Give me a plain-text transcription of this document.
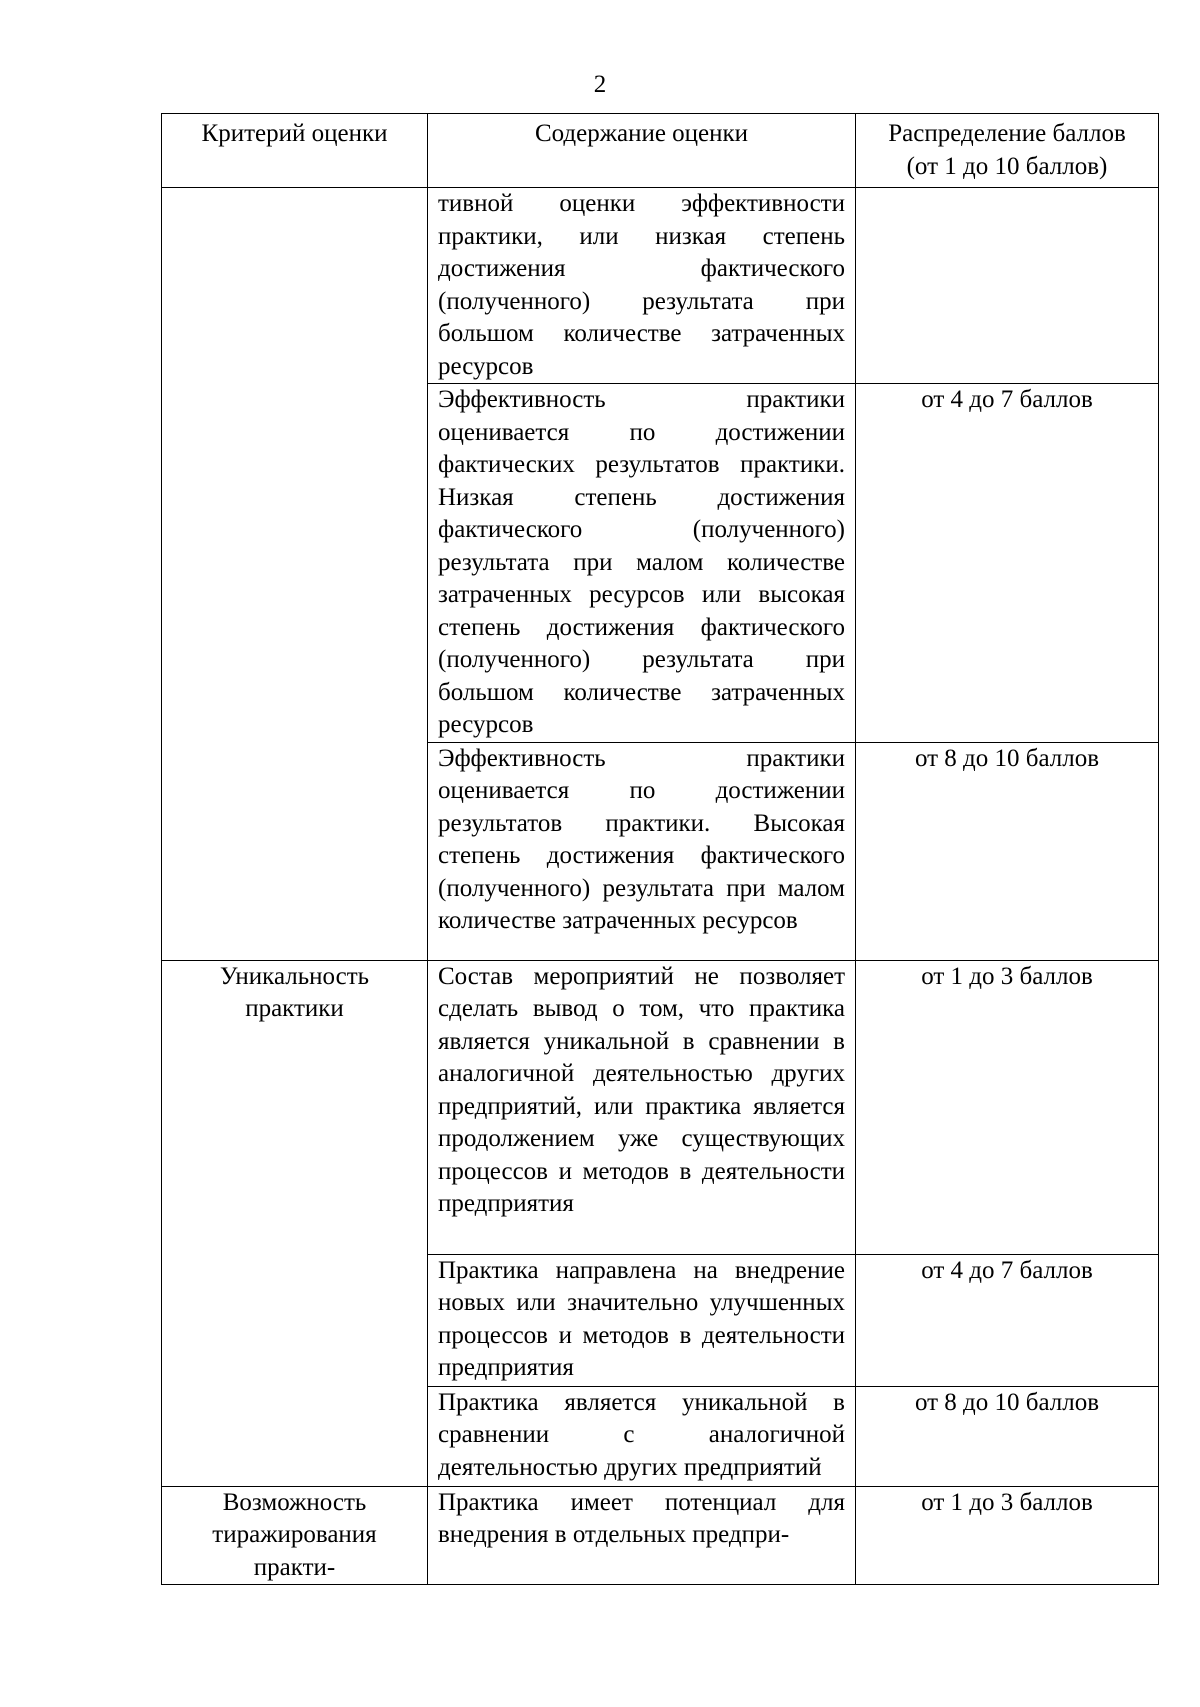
2
Критерий оценки	Содержание оценки	Распределение баллов
(от 1 до 10 баллов)
	тивной оценки эффективности практики, или низкая степень достижения фактического (полученного) результата при большом количестве затраченных ресурсов	
	Эффективность практики оценивается по достижении фактических результатов практики. Низкая степень достижения фактического (полученного) результата при малом количестве затраченных ресурсов или высокая степень достижения фактического (полученного) результата при большом количестве затраченных ресурсов	от 4 до 7 баллов
	Эффективность практики оценивается по достижении результатов практики. Высокая степень достижения фактического (полученного) результата при малом количестве затраченных ресурсов	от 8 до 10 баллов
Уникальность практики	Состав мероприятий не позволяет сделать вывод о том, что практика является уникальной в сравнении в аналогичной деятельностью других предприятий, или практика является продолжением уже существующих процессов и методов в деятельности предприятия	от 1 до 3 баллов
	Практика направлена на внедрение новых или значительно улучшенных процессов и методов в деятельности предприятия	от 4 до 7 баллов
	Практика является уникальной в сравнении с аналогичной деятельностью других предприятий	от 8 до 10 баллов
Возможность тиражирования практи-	Практика имеет потенциал для внедрения в отдельных предпри-	от 1 до 3 баллов
